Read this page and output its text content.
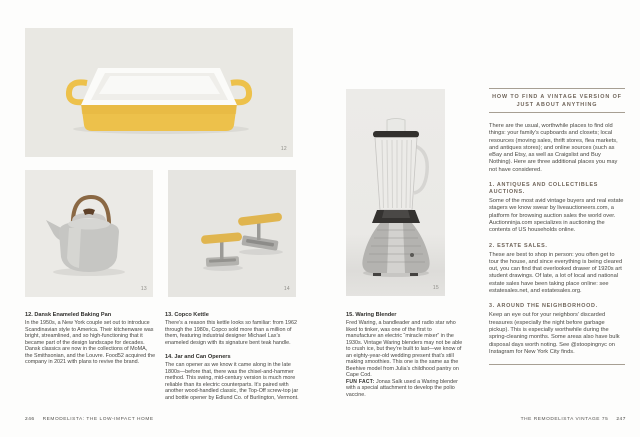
12
13	14
12. Dansk Enameled Baking Pan

In the 1950s, a New York couple set out to introduce Scandinavian style to America. Their kitchenware was bright, streamlined, and so high-functioning that it became part of the design landscape for decades. Dansk classics are now in the collections of MoMA, the Smithsonian, and the Louvre. Food52 acquired the company in 2021 with plans to revive the brand.

13. Copco Kettle

There’s a reason this kettle looks so familiar: from 1962 through the 1980s, Copco sold more than a million of them, featuring industrial designer Michael Lax’s enameled design with its signature bent teak handle.

14. Jar and Can Openers

The can opener as we know it came along in the late 1800s—before that, there was the chisel-and-hammer method. This swing, mid-century version is much more reliable than its electric counterparts. It’s paired with another wood-handled classic, the Top-Off screw-top jar and bottle opener by Edlund Co. of Burlington, Vermont.

246 REMODELISTA: THE LOW-IMPACT HOME
15
15. Waring Blender

Fred Waring, a bandleader and radio star who liked to tinker, was one of the first to manufacture an electric “miracle mixer” in the 1930s. Vintage Waring blenders may not be able to crush ice, but they’re built to last—we know of an eighty-year-old wedding present that’s still making smoothies. This one is the same as the Beehive model from Julia’s childhood pantry on Cape Cod.

FUN FACT: Jonas Salk used a Waring blender with a special attachment to develop the polio vaccine.

HOW TO FIND A VINTAGE VERSION OF
JUST ABOUT ANYTHING

There are the usual, worthwhile places to find old things: your family’s cupboards and closets; local resources (moving sales, thrift stores, flea markets, and antiques stores); and online sources (such as eBay and Etsy, as well as Craigslist and Buy Nothing). Here are three additional places you may not have considered.

1. ANTIQUES AND COLLECTIBLES AUCTIONS.

Some of the most avid vintage buyers and real estate stagers we know swear by liveauctioneers.com, a platform for browsing auction sales the world over. Auctionninja.com specializes in auctioning the contents of US households online.

2. ESTATE SALES.

These are best to shop in person: you often get to tour the house, and since everything is being cleared out, you can find that overlooked drawer of 1920s art student drawings. Of late, a lot of local and national estate sales have been taking place online: see estatesales.net, and estatesales.org.

3. AROUND THE NEIGHBORHOOD.

Keep an eye out for your neighbors’ discarded treasures (especially the night before garbage pickup). This is especially worthwhile during the spring-cleaning months. Some areas also have bulk disposal days worth noting. See @stoopingnyc on Instagram for New York City finds.

THE REMODELISTA VINTAGE 75 247
